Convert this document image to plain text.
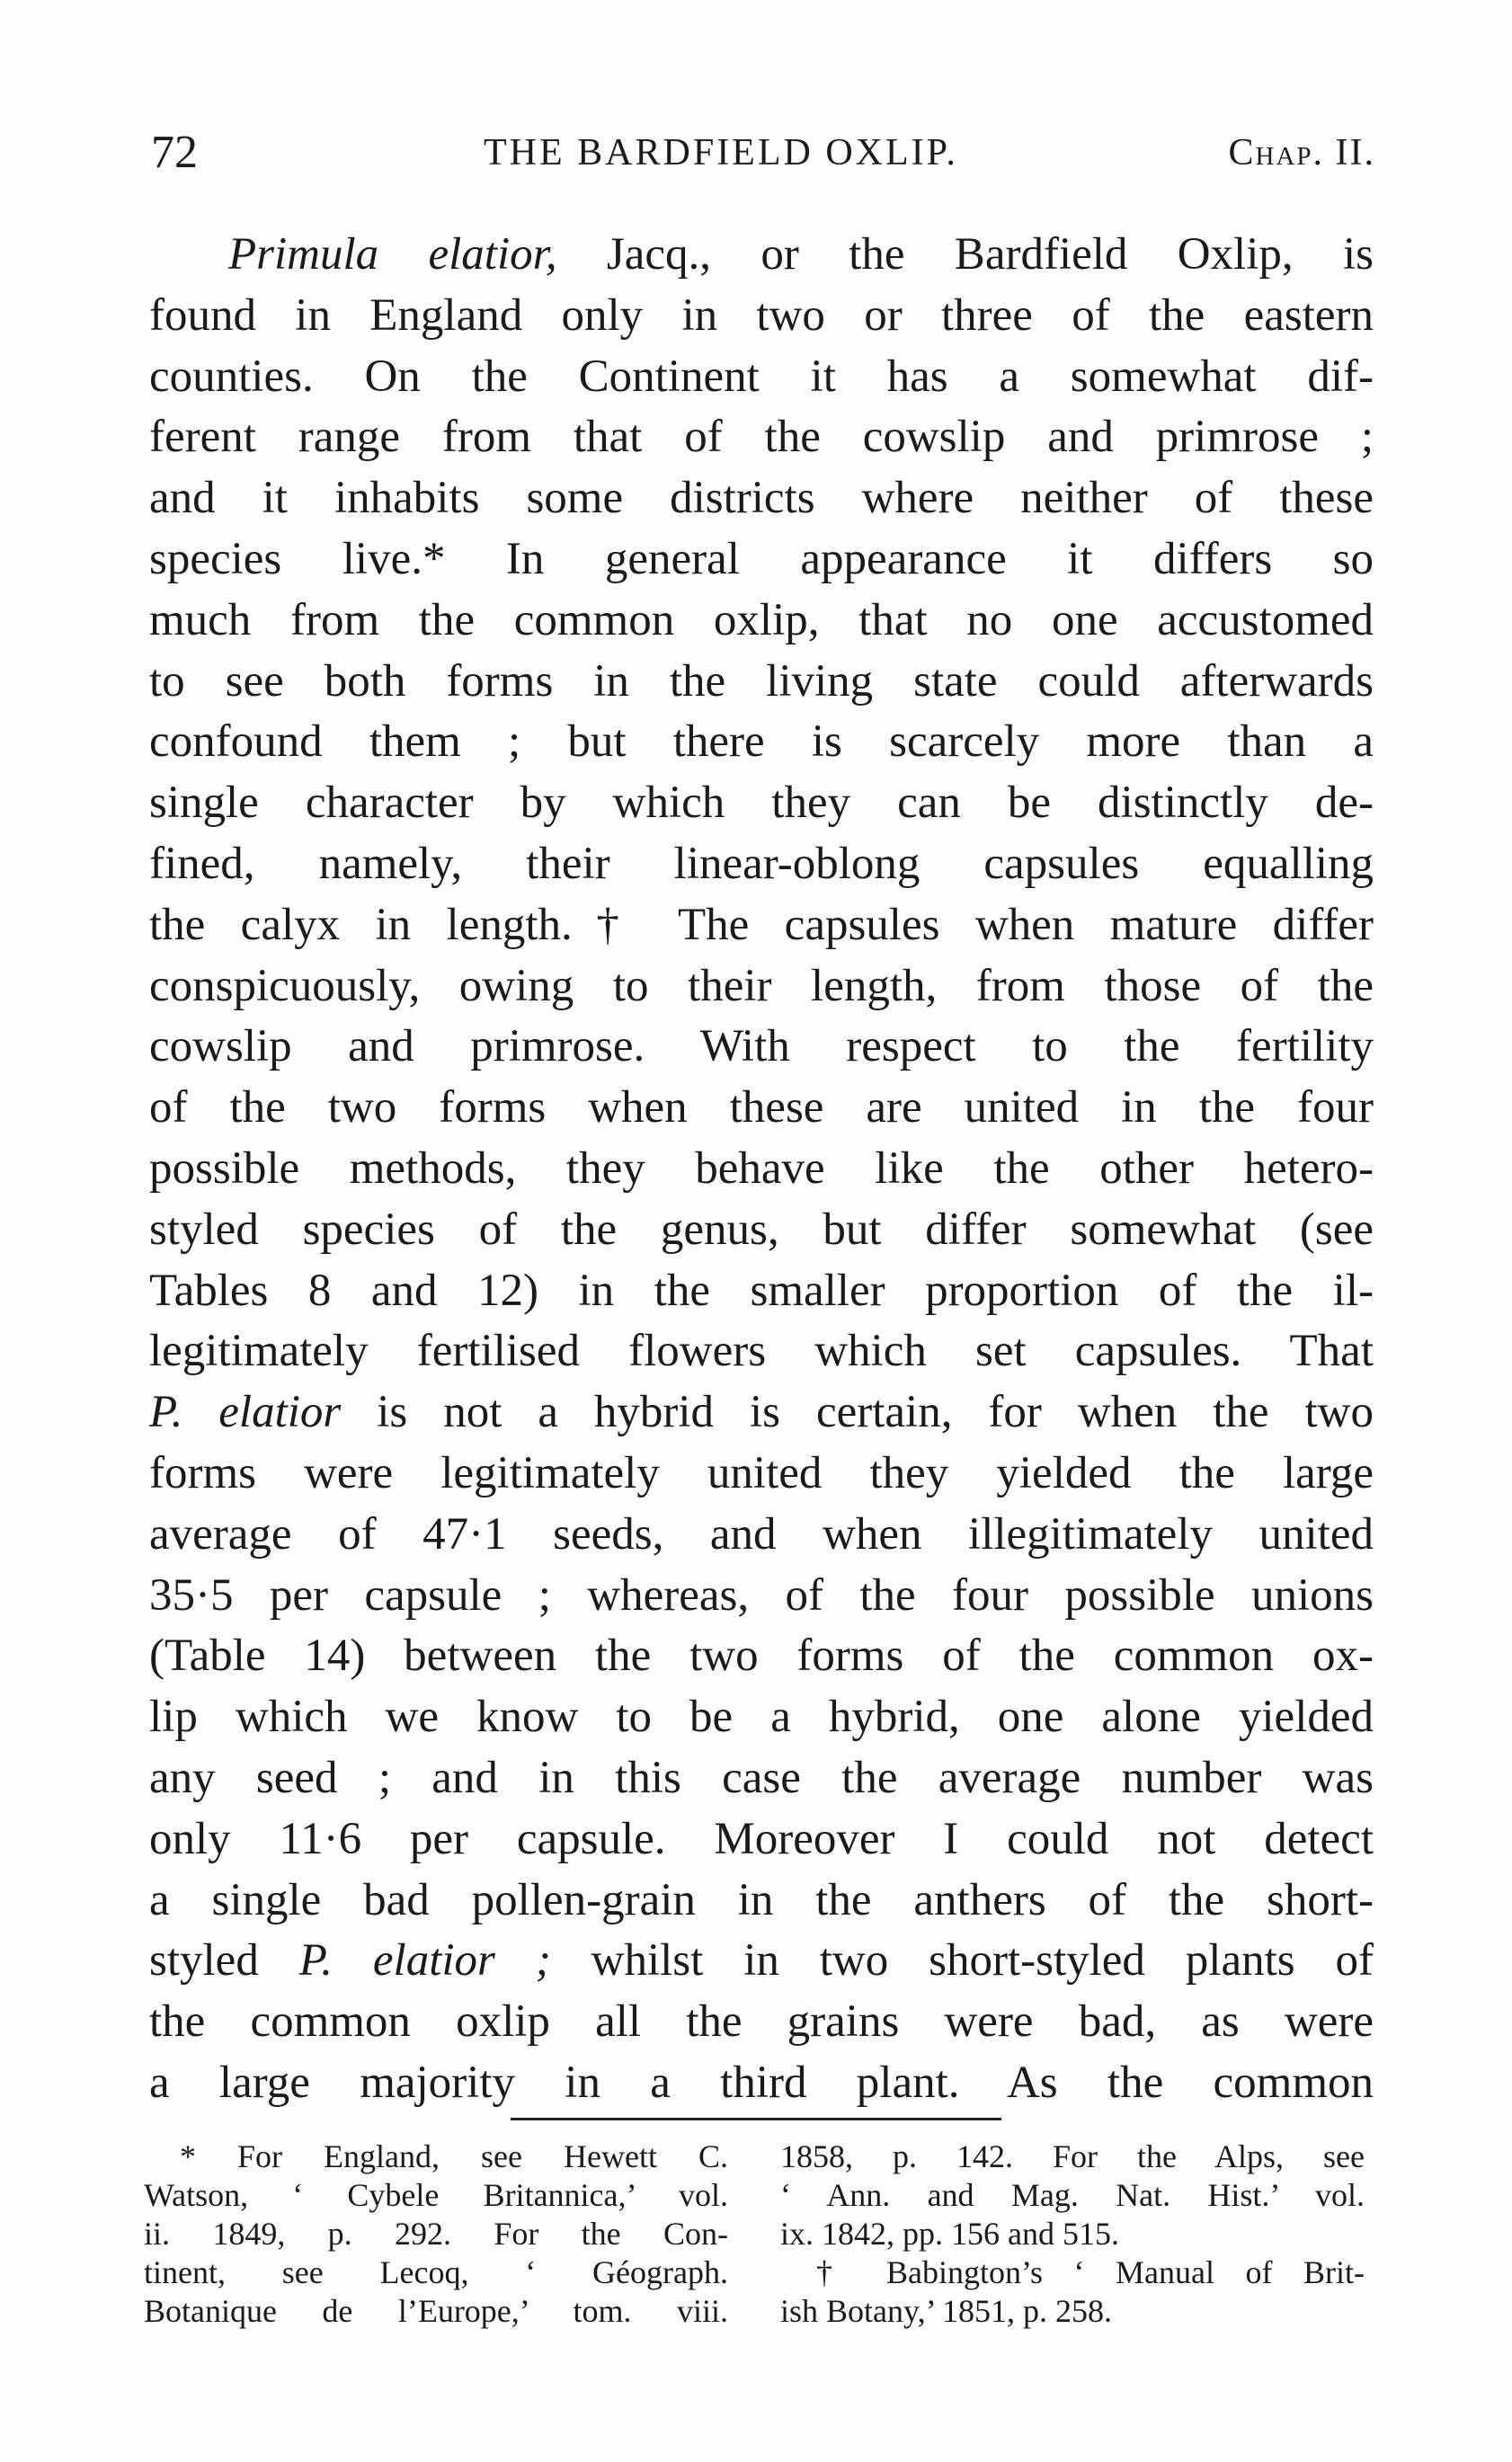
72	THE BARDFIELD OXLIP.	Chap. II.
Primula elatior, Jacq., or the Bardfield Oxlip, is
found in England only in two or three of the eastern
counties. On the Continent it has a somewhat dif-
ferent range from that of the cowslip and primrose ;
and it inhabits some districts where neither of these
species live.* In general appearance it differs so
much from the common oxlip, that no one accustomed
to see both forms in the living state could afterwards
confound them ; but there is scarcely more than a
single character by which they can be distinctly de-
fined, namely, their linear-oblong capsules equalling
the calyx in length.† The capsules when mature differ
conspicuously, owing to their length, from those of the
cowslip and primrose. With respect to the fertility
of the two forms when these are united in the four
possible methods, they behave like the other hetero-
styled species of the genus, but differ somewhat (see
Tables 8 and 12) in the smaller proportion of the il-
legitimately fertilised flowers which set capsules. That
P. elatior is not a hybrid is certain, for when the two
forms were legitimately united they yielded the large
average of 47·1 seeds, and when illegitimately united
35·5 per capsule ; whereas, of the four possible unions
(Table 14) between the two forms of the common ox-
lip which we know to be a hybrid, one alone yielded
any seed ; and in this case the average number was
only 11·6 per capsule. Moreover I could not detect
a single bad pollen-grain in the anthers of the short-
styled P. elatior ; whilst in two short-styled plants of
the common oxlip all the grains were bad, as were
a large majority in a third plant. As the common
* For England, see Hewett C.
Watson, ‘ Cybele Britannica,’ vol.
ii. 1849, p. 292. For the Con-
tinent, see Lecoq, ‘ Géograph.
Botanique de l’Europe,’ tom. viii.
1858, p. 142. For the Alps, see
‘ Ann. and Mag. Nat. Hist.’ vol.
ix. 1842, pp. 156 and 515.
† Babington’s ‘ Manual of Brit-
ish Botany,’ 1851, p. 258.
